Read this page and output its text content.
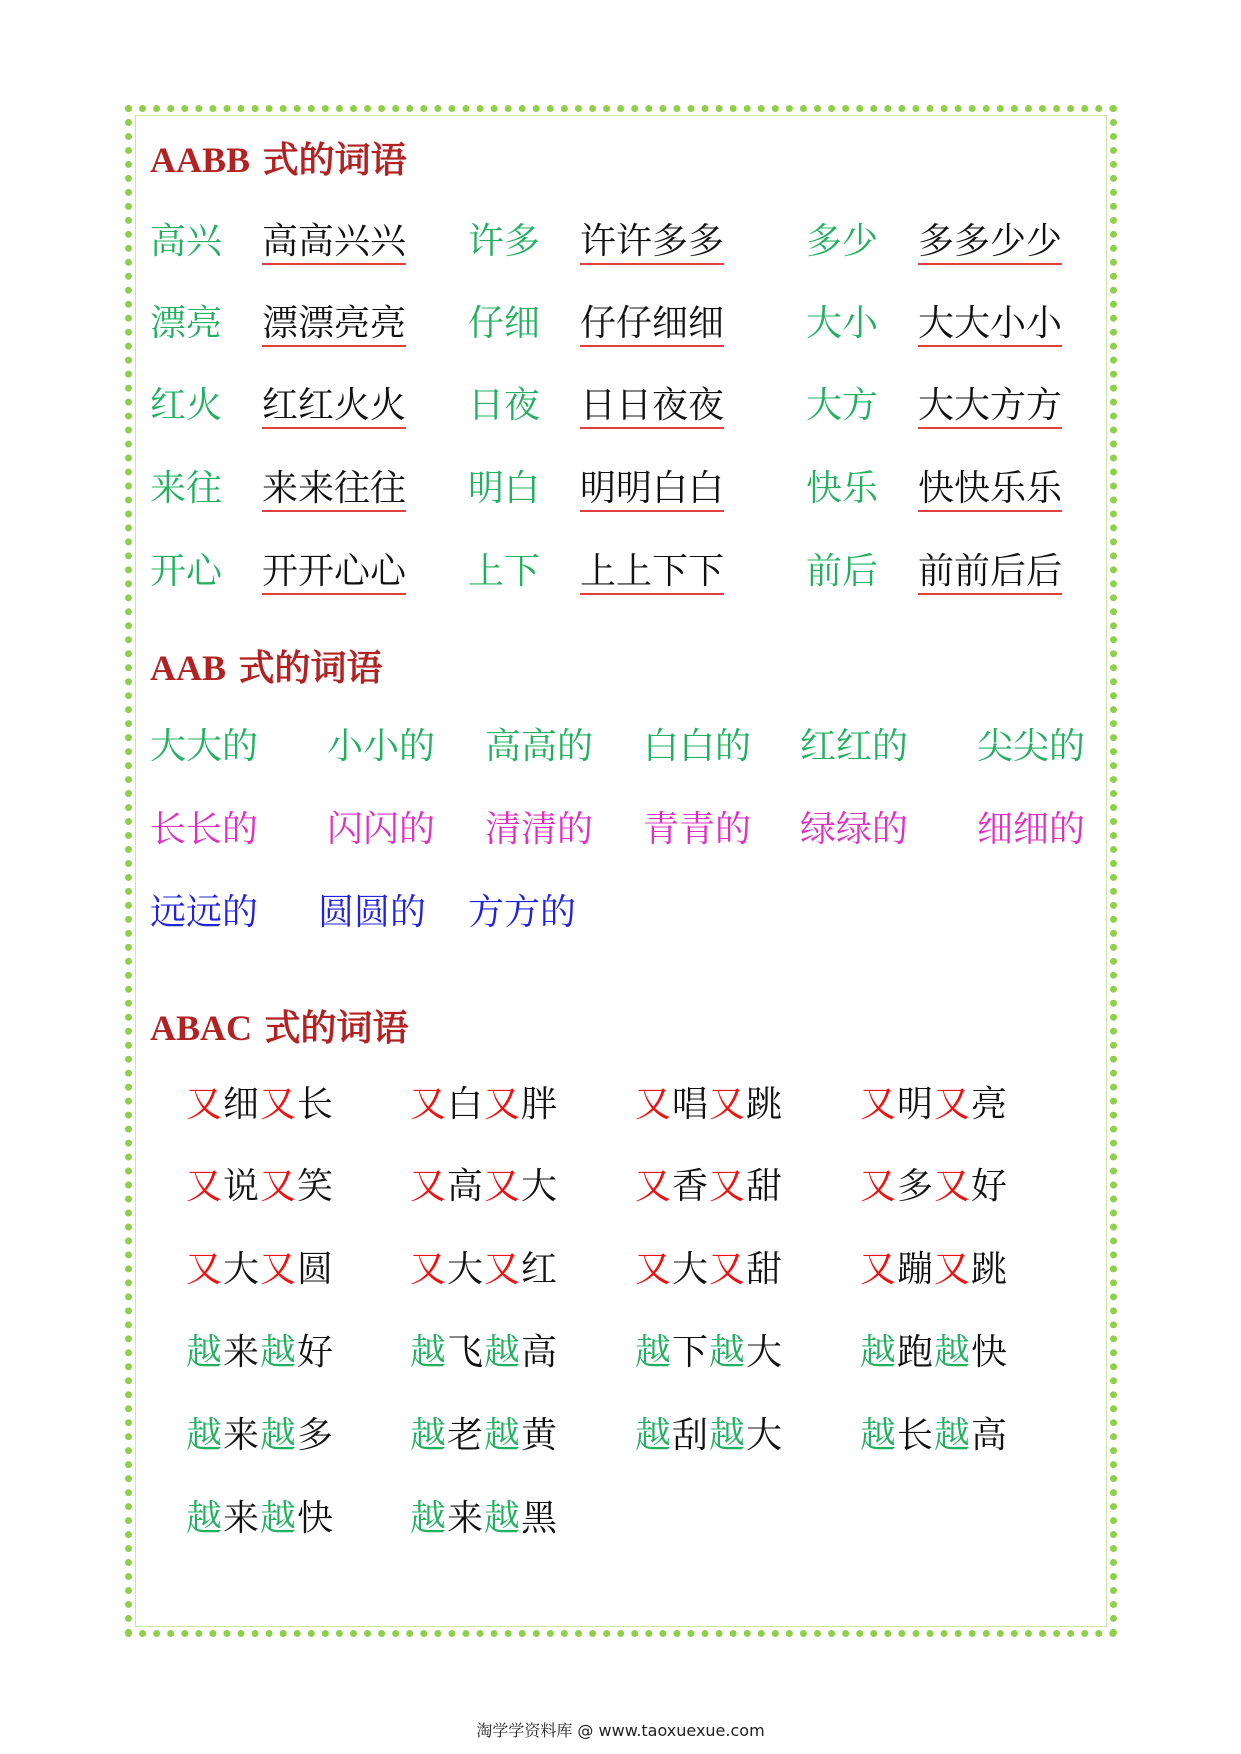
AABB 式的词语
高兴 高高兴兴 许多 许许多多 多少 多多少少
漂亮 漂漂亮亮 仔细 仔仔细细 大小 大大小小
红火 红红火火 日夜 日日夜夜 大方 大大方方
来往 来来往往 明白 明明白白 快乐 快快乐乐
开心 开开心心 上下 上上下下 前后 前前后后
AAB 式的词语
大大的 小小的 高高的 白白的 红红的 尖尖的
长长的 闪闪的 清清的 青青的 绿绿的 细细的
远远的 圆圆的 方方的
ABAC 式的词语
又 细 又 长 又 白 又 胖 又 唱 又 跳 又 明 又 亮
又 说 又 笑 又 高 又 大 又 香 又 甜 又 多 又 好
又 大 又 圆 又 大 又 红 又 大 又 甜 又 蹦 又 跳
越 来 越 好 越 飞 越 高 越 下 越 大 越 跑 越 快
越 来 越 多 越 老 越 黄 越 刮 越 大 越 长 越 高
越 来 越 快 越 来 越 黑
淘学学资料库 @ www.taoxuexue.com
